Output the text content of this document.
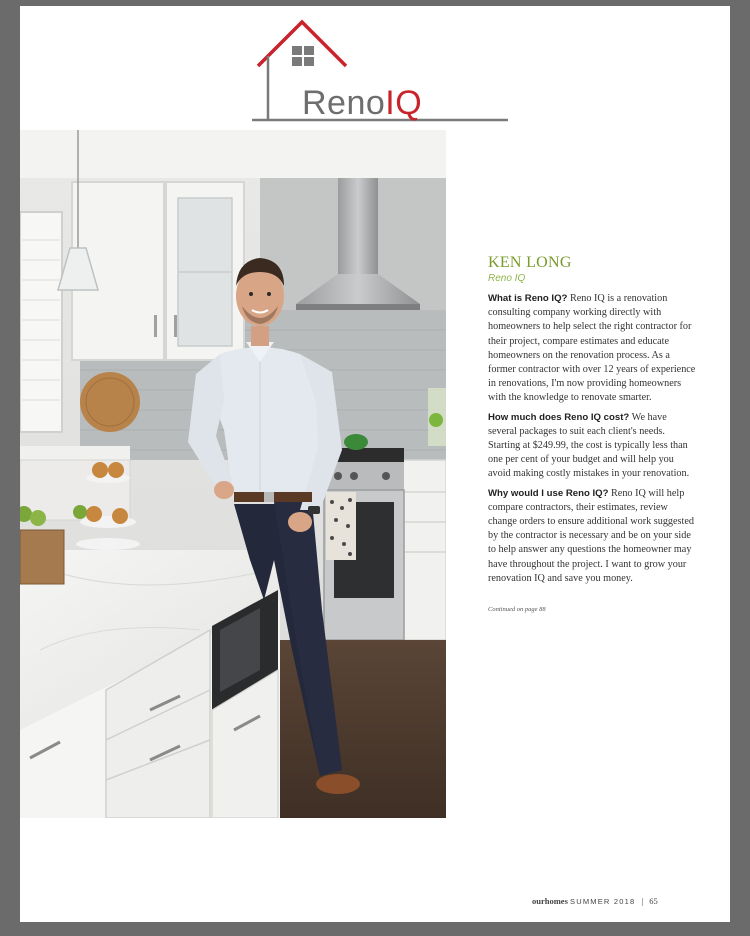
RenoIQ

KEN LONG

Reno IQ

What is Reno IQ? Reno IQ is a renovation consulting company working directly with homeowners to help select the right contractor for their project, compare estimates and educate homeowners on the renovation process. As a former contractor with over 12 years of experience in renovations, I'm now providing homeowners with the knowledge to renovate smarter.

How much does Reno IQ cost? We have several packages to suit each client's needs. Starting at $249.99, the cost is typically less than one per cent of your budget and will help you avoid making costly mistakes in your renovation.

Why would I use Reno IQ? Reno IQ will help compare contractors, their estimates, review change orders to ensure additional work suggested by the contractor is necessary and be on your side to help answer any questions the homeowner may have throughout the project. I want to grow your renovation IQ and save you money.

Continued on page 88
ourhomes SUMMER 2018 | 65
